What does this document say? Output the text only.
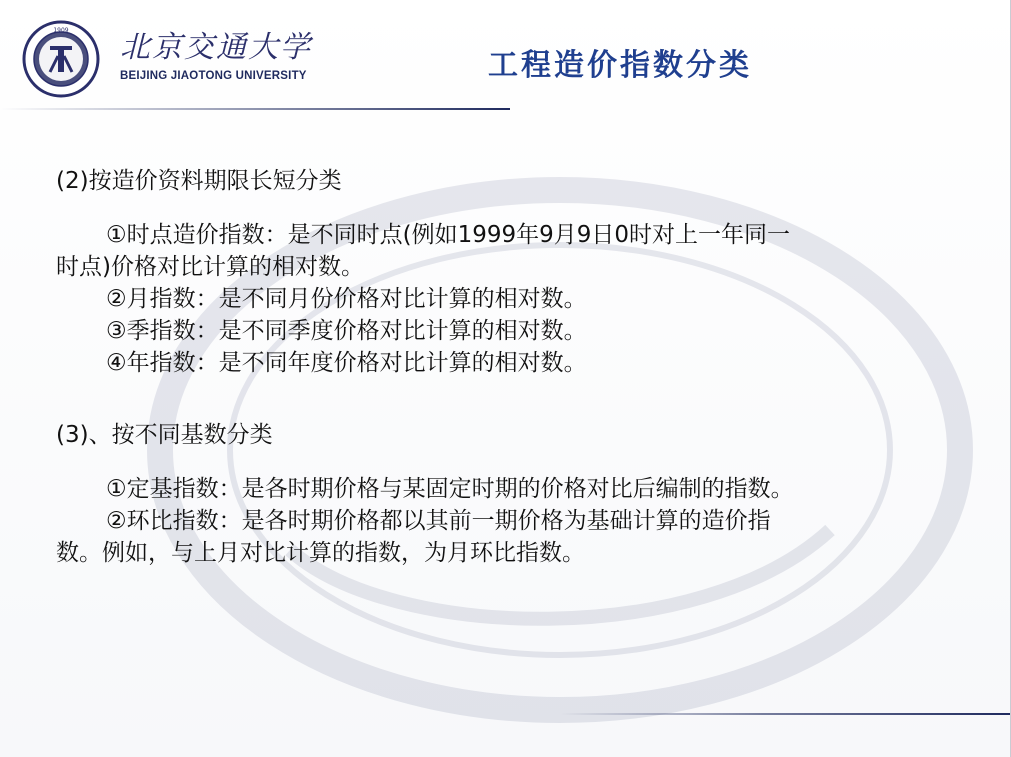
1909 北京交通大学
BEIJING JIAOTONG UNIVERSITY	工程造价指数分类

(2)按造价资料期限长短分类

①时点造价指数：是不同时点(例如1999年9月9日0时对上一年同一

时点)价格对比计算的相对数。

②月指数：是不同月份价格对比计算的相对数。

③季指数：是不同季度价格对比计算的相对数。

④年指数：是不同年度价格对比计算的相对数。

(3)、按不同基数分类

①定基指数：是各时期价格与某固定时期的价格对比后编制的指数。

②环比指数：是各时期价格都以其前一期价格为基础计算的造价指

数。例如，与上月对比计算的指数，为月环比指数。
